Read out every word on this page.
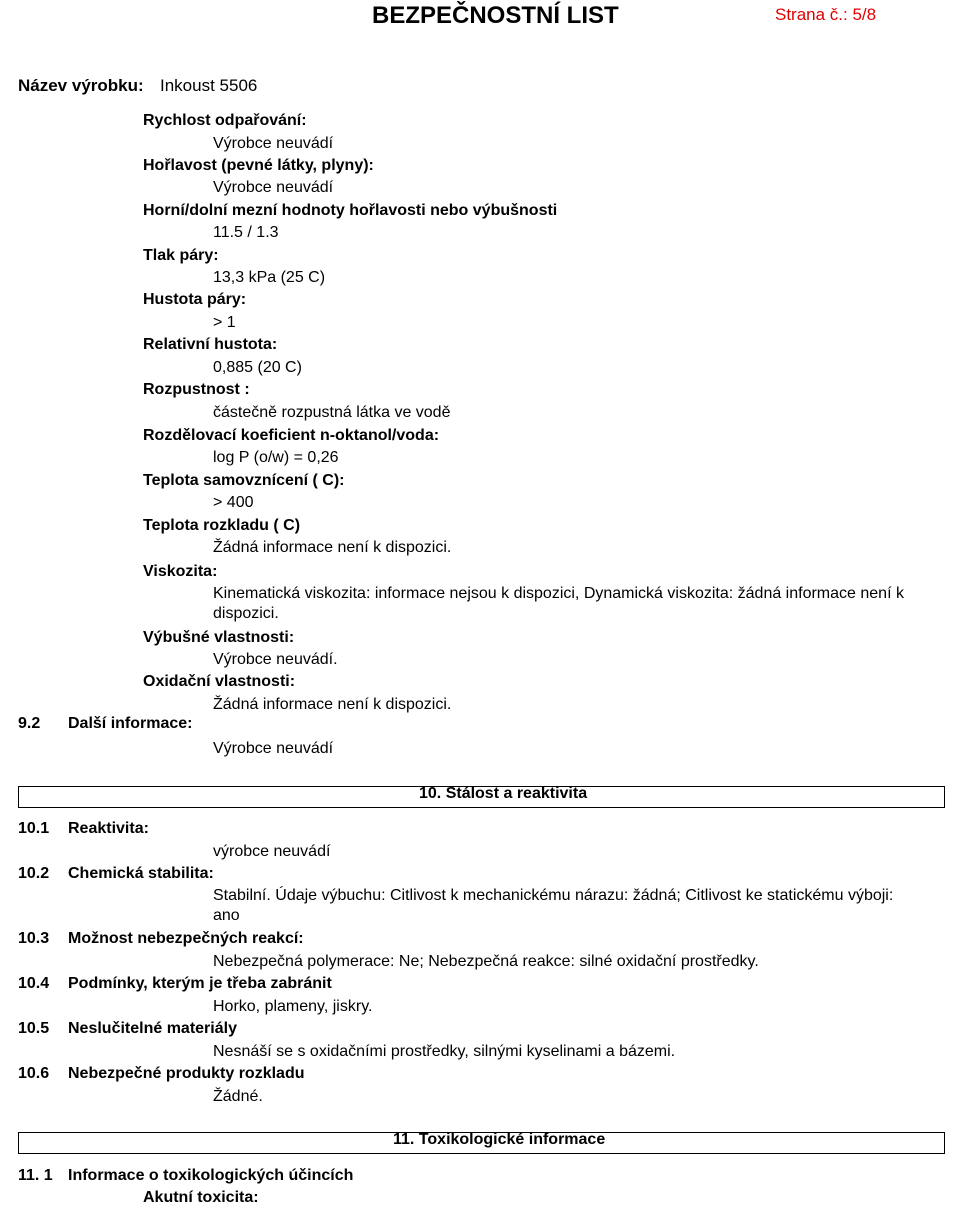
BEZPEČNOSTNÍ LIST	Strana č.: 5/8
Název výrobku: Inkoust 5506
Rychlost odpařování:
Výrobce neuvádí
Hořlavost (pevné látky, plyny):
Výrobce neuvádí
Horní/dolní mezní hodnoty hořlavosti nebo výbušnosti
11.5 / 1.3
Tlak páry:
13,3 kPa (25 C)
Hustota páry:
> 1
Relativní hustota:
0,885 (20 C)
Rozpustnost :
částečně rozpustná látka ve vodě
Rozdělovací koeficient n-oktanol/voda:
log P (o/w) = 0,26
Teplota samovznícení ( C):
> 400
Teplota rozkladu ( C)
Žádná informace není k dispozici.
Viskozita:
Kinematická viskozita: informace nejsou k dispozici, Dynamická viskozita: žádná informace není k dispozici.
Výbušné vlastnosti:
Výrobce neuvádí.
Oxidační vlastnosti:
Žádná informace není k dispozici.
9.2 Další informace:
Výrobce neuvádí
10. Stálost a reaktivita
10.1 Reaktivita:
výrobce neuvádí
10.2 Chemická stabilita:
Stabilní. Údaje výbuchu: Citlivost k mechanickému nárazu: žádná; Citlivost ke statickému výboji: ano
10.3 Možnost nebezpečných reakcí:
Nebezpečná polymerace: Ne; Nebezpečná reakce: silné oxidační prostředky.
10.4 Podmínky, kterým je třeba zabránit
Horko, plameny, jiskry.
10.5 Neslučitelné materiály
Nesnáší se s oxidačními prostředky, silnými kyselinami a bázemi.
10.6 Nebezpečné produkty rozkladu
Žádné.
11. Toxikologické informace
11. 1 Informace o toxikologických účincích
Akutní toxicita:
